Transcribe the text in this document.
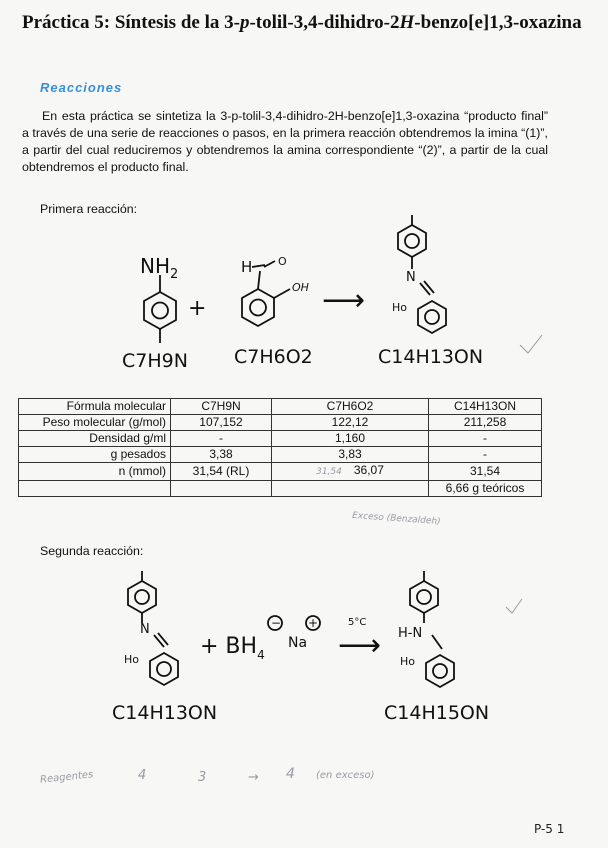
Práctica 5: Síntesis de la 3-p-tolil-3,4-dihidro-2H-benzo[e]1,3-oxazina
Reacciones
En esta práctica se sintetiza la 3-p-tolil-3,4-dihidro-2H-benzo[e]1,3-oxazina “producto final” a través de una serie de reacciones o pasos, en la primera reacción obtendremos la imina “(1)”, a partir del cual reduciremos y obtendremos la amina correspondiente “(2)”, a partir de la cual obtendremos el producto final.
Primera reacción:
$NH_2$
+
H O
OH ⟶
N
Ho
C7H9N C7H6O2	C14H13ON
Fórmula molecular	C7H9N	C7H6O2	C14H13ON
Peso molecular (g/mol)	107,152	122,12	211,258
Densidad g/ml	-	1,160	-
g pesados	3,38	3,83	-
n (mmol)	31,54 (RL)	31,54 36,07	31,54
			6,66 g teóricos
Exceso (Benzaldeh)
Segunda reacción:
N
Ho
+ $BH_4$
− +
Na
5°C
⟶ H-N
Ho
C14H13ON	C14H15ON
Reagentes	4	3	→ 4 (en exceso)
P-5 1
